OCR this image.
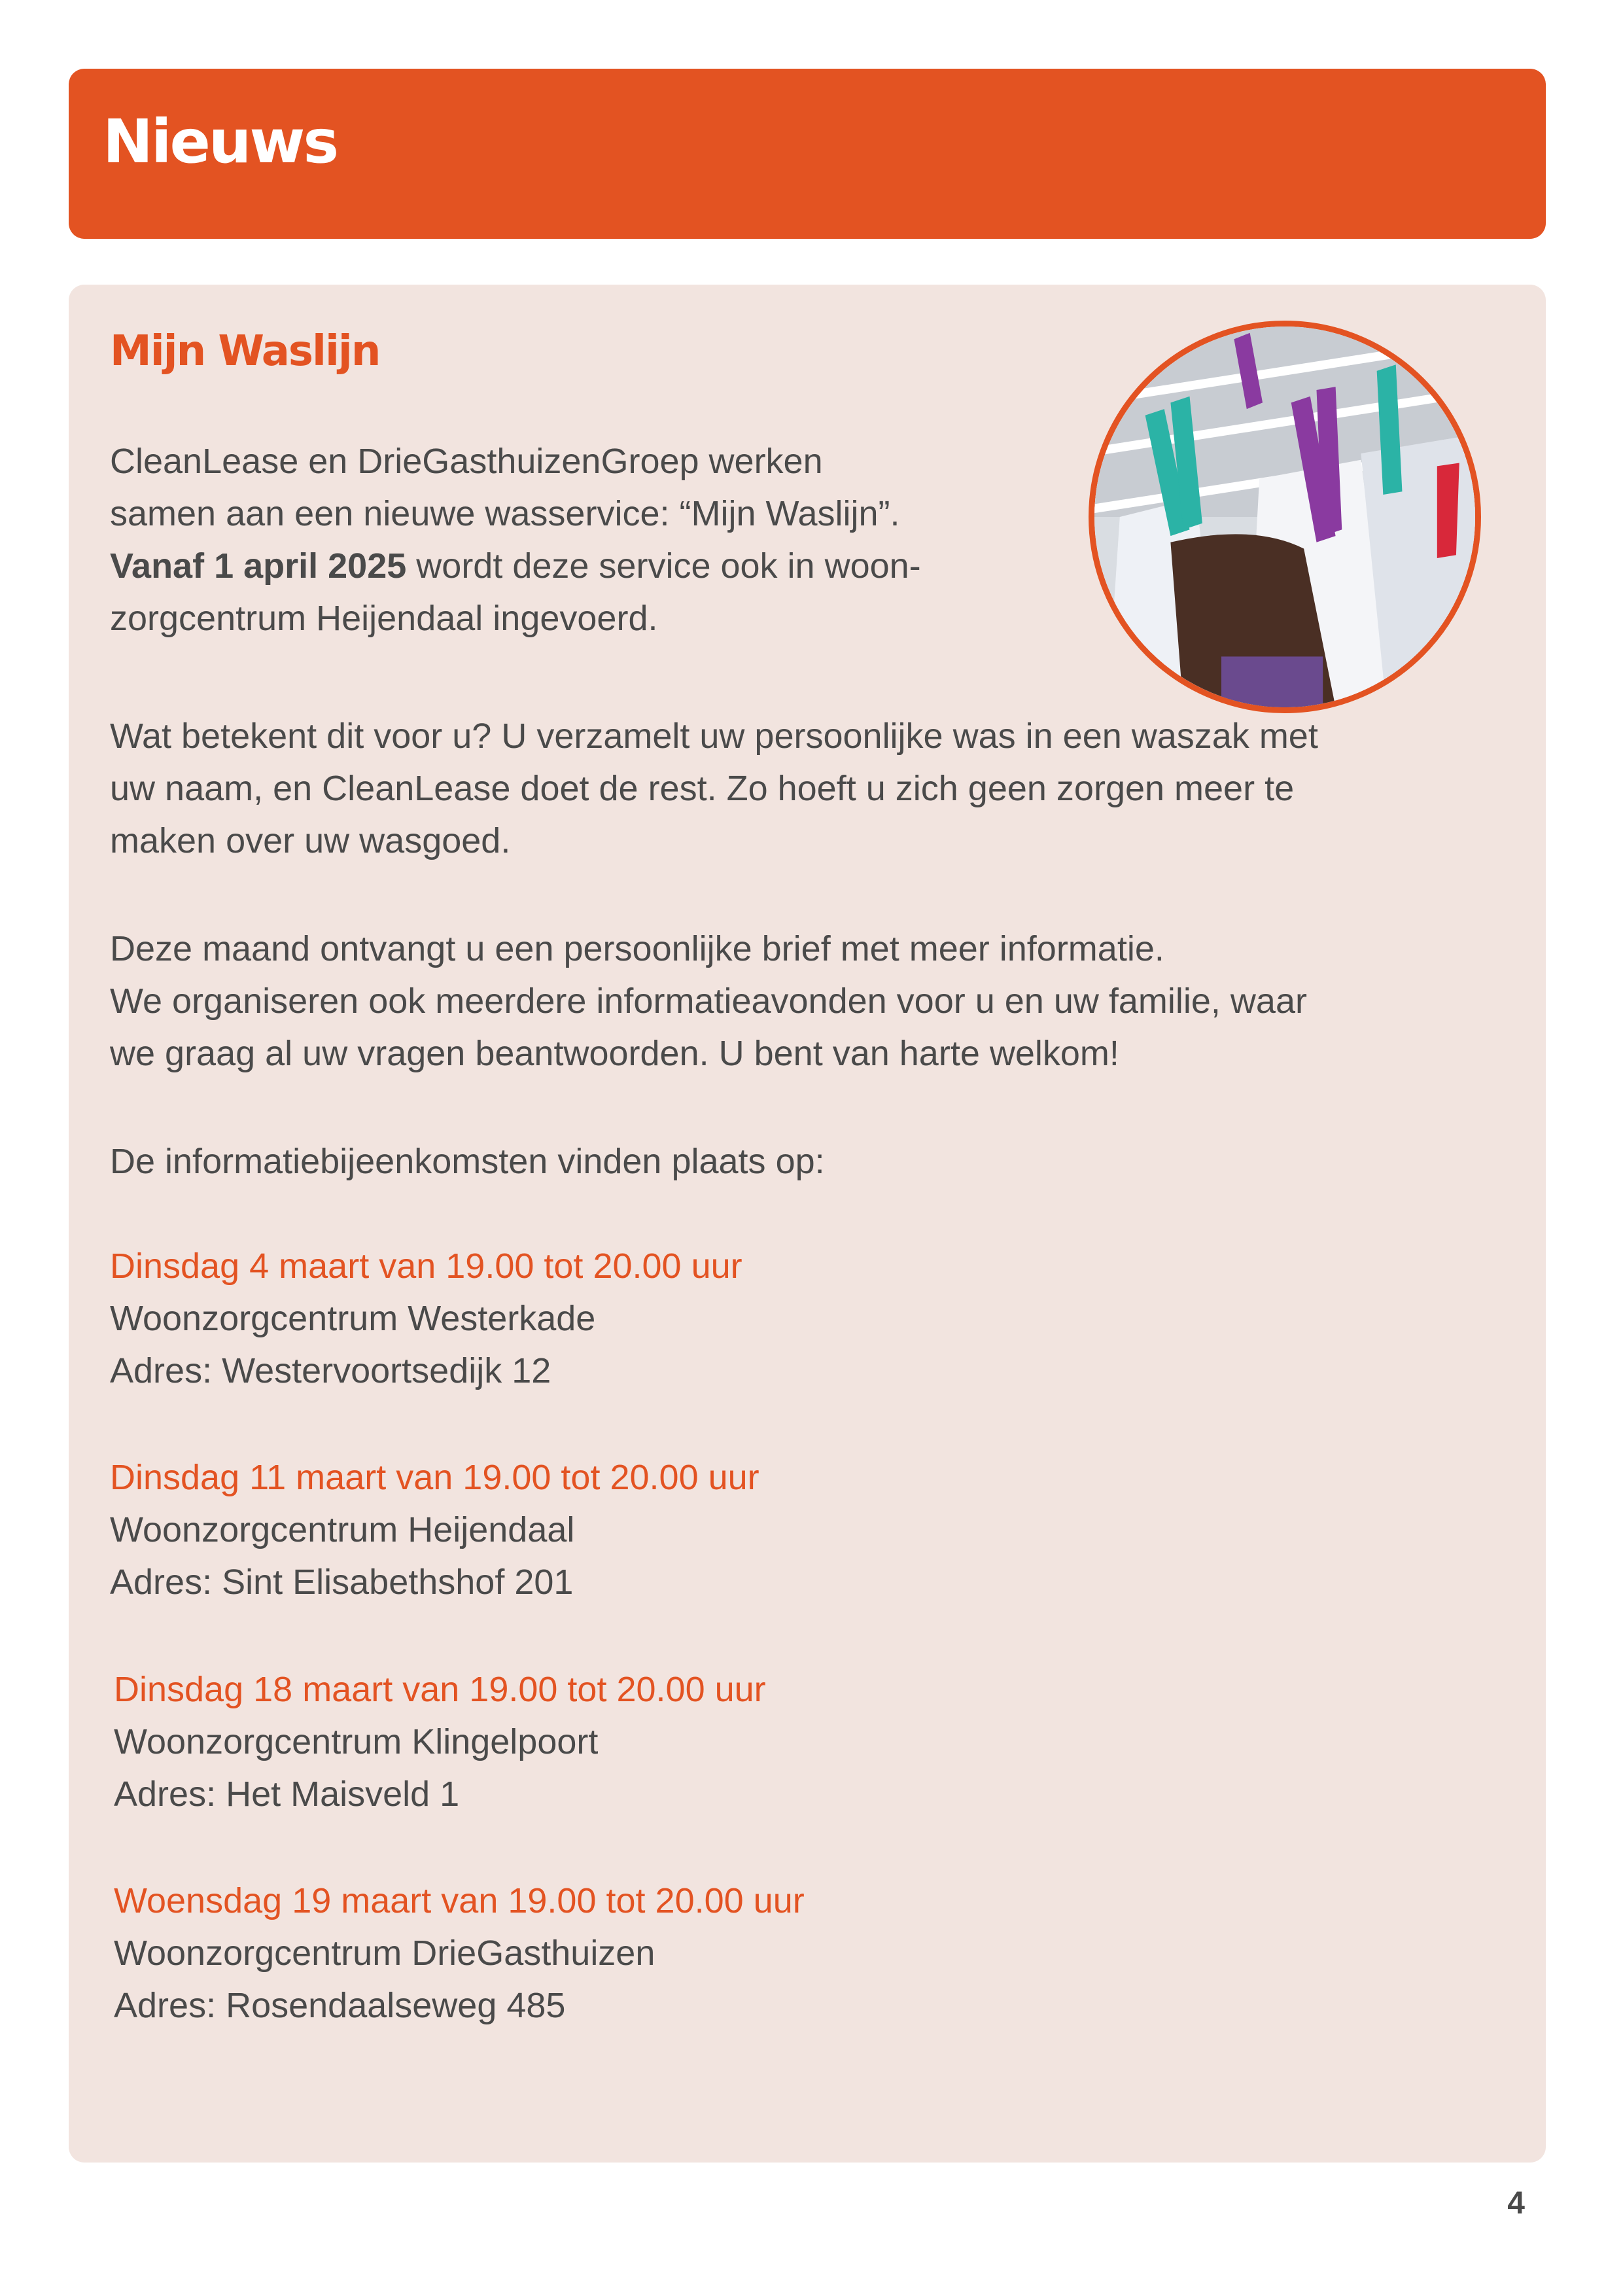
Nieuws
Mijn Waslijn
CleanLease en DrieGasthuizenGroep werken
samen aan een nieuwe wasservice: “Mijn Waslijn”.
Vanaf 1 april 2025 wordt deze service ook in woon-
zorgcentrum Heijendaal ingevoerd.
Wat betekent dit voor u? U verzamelt uw persoonlijke was in een waszak met
uw naam, en CleanLease doet de rest. Zo hoeft u zich geen zorgen meer te
maken over uw wasgoed.
Deze maand ontvangt u een persoonlijke brief met meer informatie.
We organiseren ook meerdere informatieavonden voor u en uw familie, waar
we graag al uw vragen beantwoorden. U bent van harte welkom!
De informatiebijeenkomsten vinden plaats op:
Dinsdag 4 maart van 19.00 tot 20.00 uur
Woonzorgcentrum Westerkade
Adres: Westervoortsedijk 12
Dinsdag 11 maart van 19.00 tot 20.00 uur
Woonzorgcentrum Heijendaal
Adres: Sint Elisabethshof 201
Dinsdag 18 maart van 19.00 tot 20.00 uur
Woonzorgcentrum Klingelpoort
Adres: Het Maisveld 1
Woensdag 19 maart van 19.00 tot 20.00 uur
Woonzorgcentrum DrieGasthuizen
Adres: Rosendaalseweg 485
4
